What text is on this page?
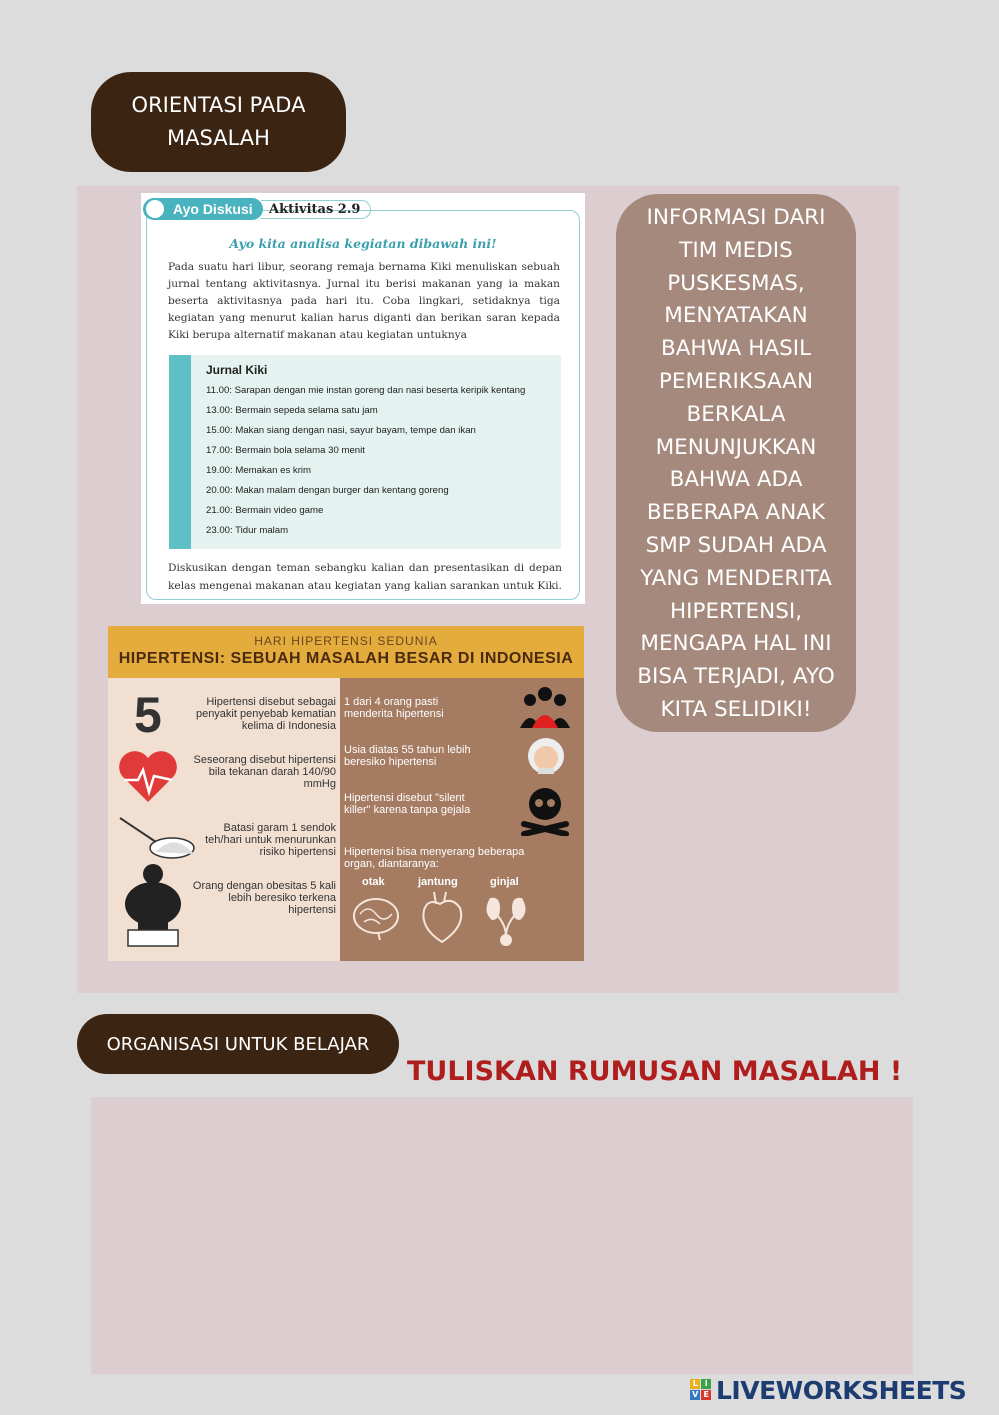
ORIENTASI PADA
MASALAH
Ayo Diskusi	Aktivitas 2.9
Ayo kita analisa kegiatan dibawah ini!
Pada suatu hari libur, seorang remaja bernama Kiki menuliskan sebuah jurnal tentang aktivitasnya. Jurnal itu berisi makanan yang ia makan beserta aktivitasnya pada hari itu. Coba lingkari, setidaknya tiga kegiatan yang menurut kalian harus diganti dan berikan saran kepada Kiki berupa alternatif makanan atau kegiatan untuknya
Jurnal Kiki
11.00: Sarapan dengan mie instan goreng dan nasi beserta keripik kentang
13.00: Bermain sepeda selama satu jam
15.00: Makan siang dengan nasi, sayur bayam, tempe dan ikan
17.00: Bermain bola selama 30 menit
19.00: Memakan es krim
20.00: Makan malam dengan burger dan kentang goreng
21.00: Bermain video game
23.00: Tidur malam
Diskusikan dengan teman sebangku kalian dan presentasikan di depan kelas mengenai makanan atau kegiatan yang kalian sarankan untuk Kiki.
HARI HIPERTENSI SEDUNIA
HIPERTENSI: SEBUAH MASALAH BESAR DI INDONESIA
5	Hipertensi disebut sebagai penyakit penyebab kematian kelima di Indonesia
Seseorang disebut hipertensi bila tekanan darah 140/90 mmHg
Batasi garam 1 sendok teh/hari untuk menurunkan risiko hipertensi
Orang dengan obesitas 5 kali lebih beresiko terkena hipertensi
1 dari 4 orang pasti menderita hipertensi
Usia diatas 55 tahun lebih beresiko hipertensi
Hipertensi disebut "silent killer" karena tanpa gejala
Hipertensi bisa menyerang beberapa organ, diantaranya:
otak	jantung	ginjal
INFORMASI DARI
TIM MEDIS
PUSKESMAS,
MENYATAKAN
BAHWA HASIL
PEMERIKSAAN
BERKALA
MENUNJUKKAN
BAHWA ADA
BEBERAPA ANAK
SMP SUDAH ADA
YANG MENDERITA
HIPERTENSI,
MENGAPA HAL INI
BISA TERJADI, AYO
KITA SELIDIKI!
ORGANISASI UNTUK BELAJAR
TULISKAN RUMUSAN MASALAH !
L I
V E LIVEWORKSHEETS
